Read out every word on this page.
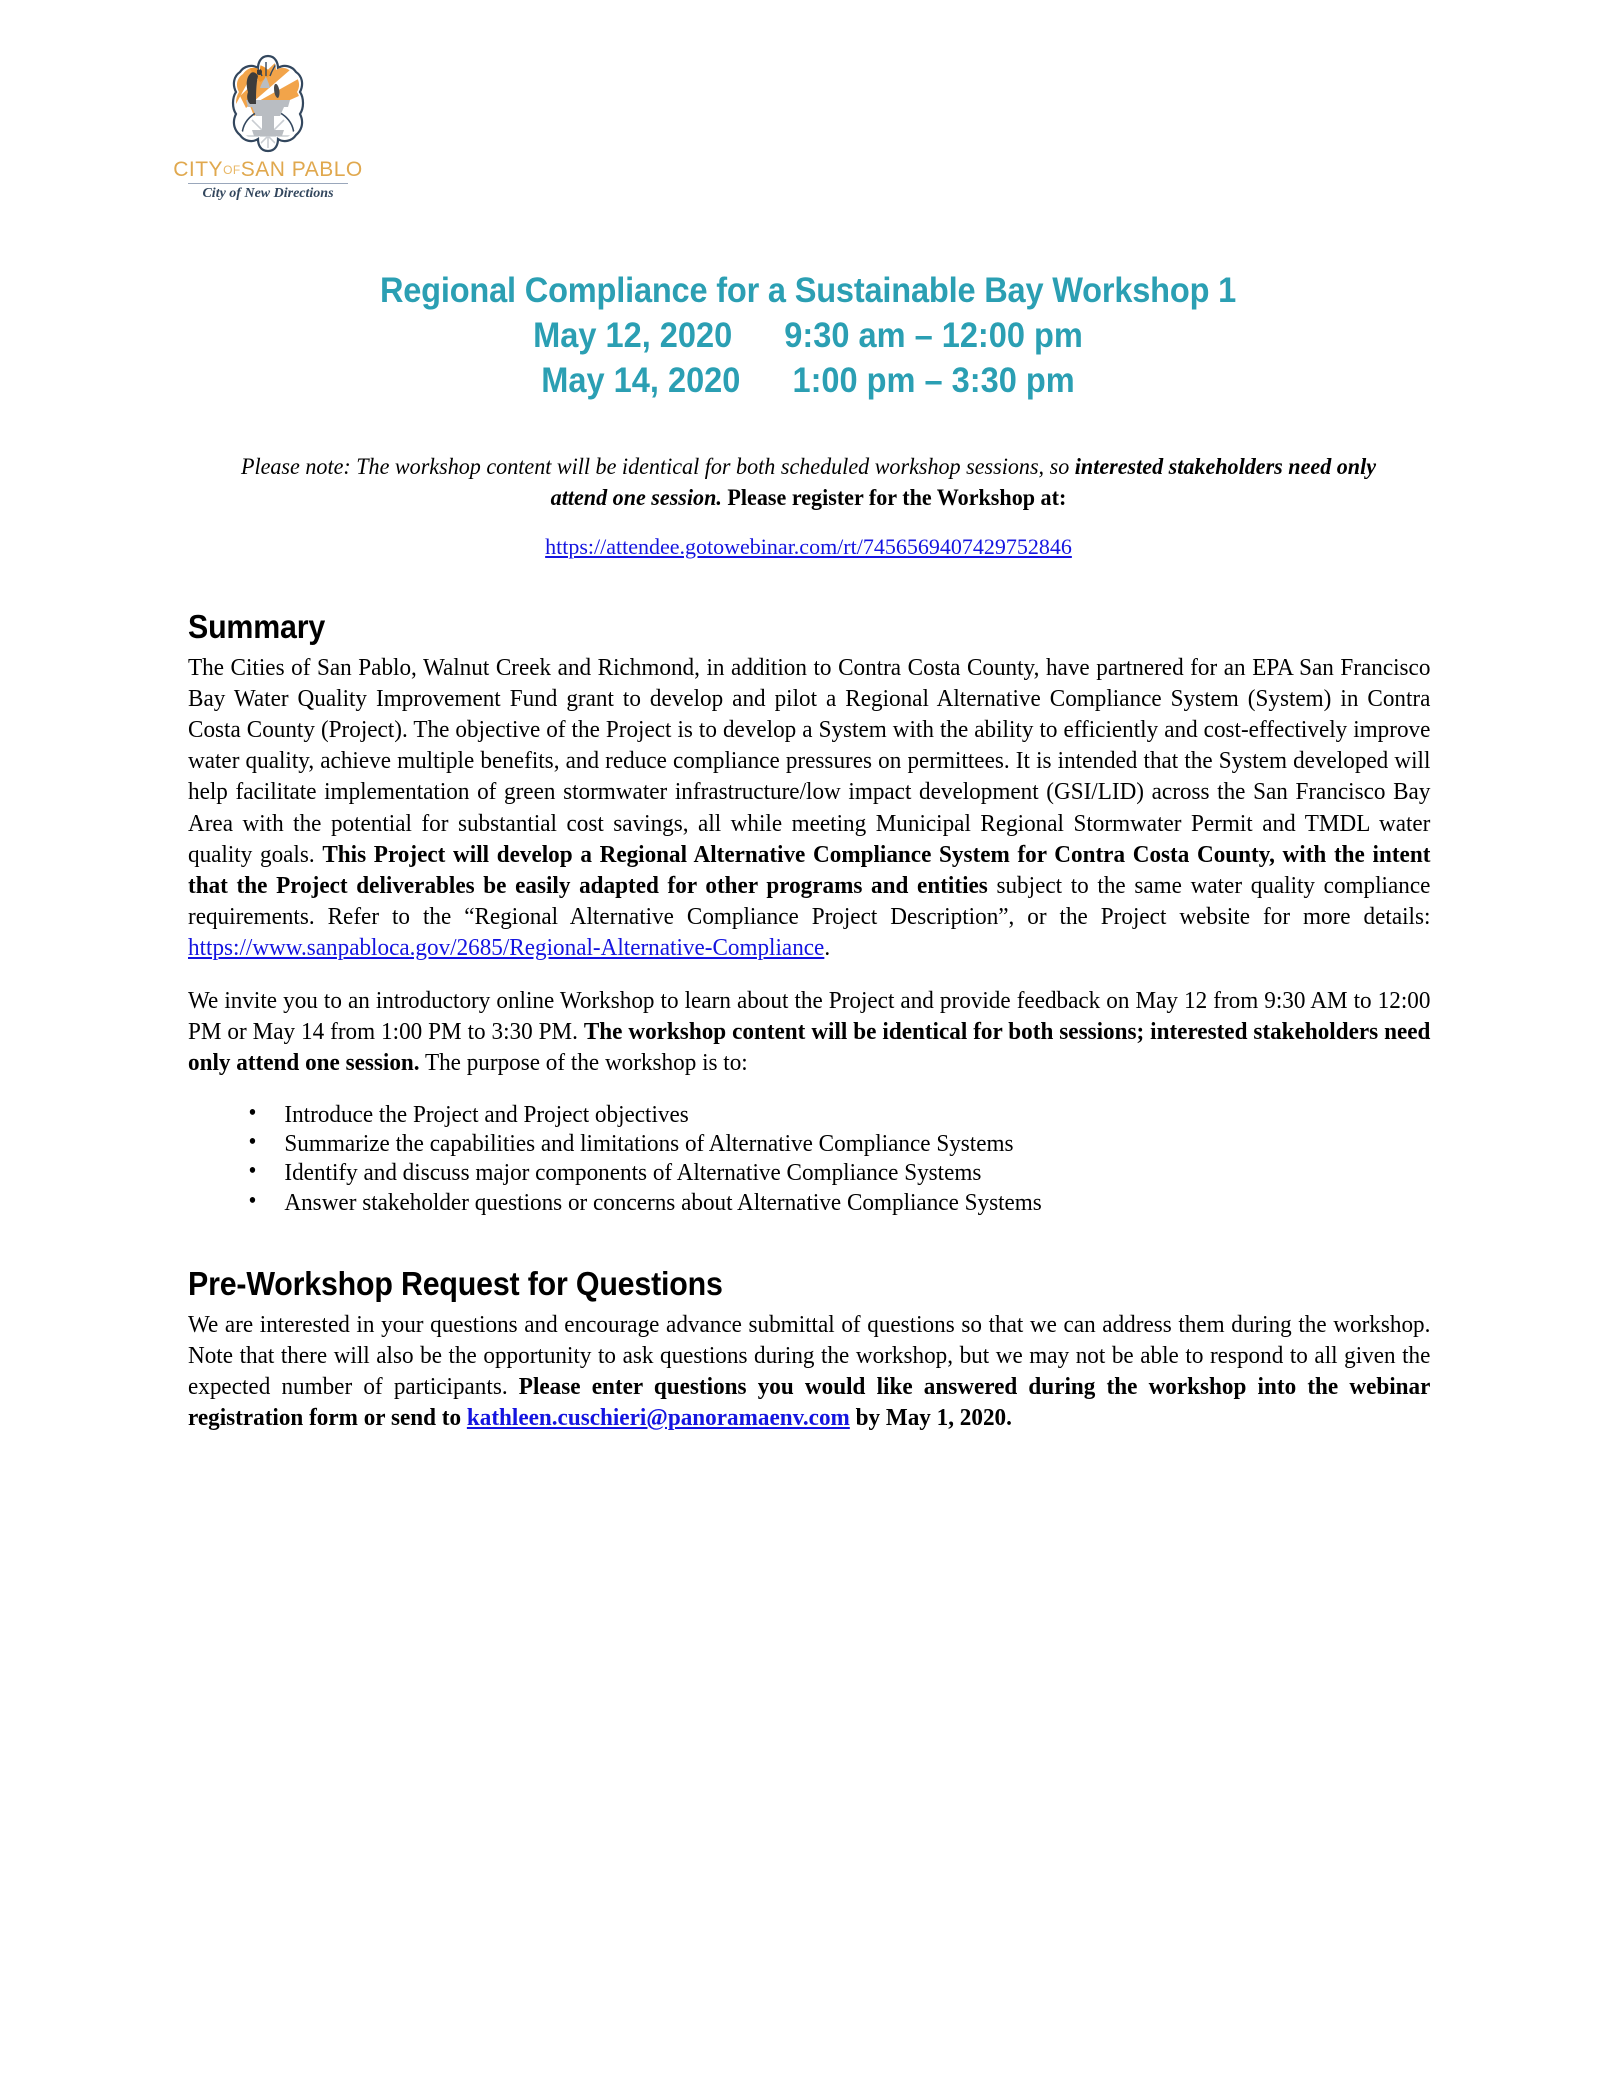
CITYOFSAN PABLO
City of New Directions
Regional Compliance for a Sustainable Bay Workshop 1
May 12, 2020 9:30 am – 12:00 pm
May 14, 2020 1:00 pm – 3:30 pm
Please note: The workshop content will be identical for both scheduled workshop sessions, so interested stakeholders need only attend one session. Please register for the Workshop at:
https://attendee.gotowebinar.com/rt/7456569407429752846
Summary

The Cities of San Pablo, Walnut Creek and Richmond, in addition to Contra Costa County, have partnered for an EPA San Francisco Bay Water Quality Improvement Fund grant to develop and pilot a Regional Alternative Compliance System (System) in Contra Costa County (Project). The objective of the Project is to develop a System with the ability to efficiently and cost-effectively improve water quality, achieve multiple benefits, and reduce compliance pressures on permittees. It is intended that the System developed will help facilitate implementation of green stormwater infrastructure/low impact development (GSI/LID) across the San Francisco Bay Area with the potential for substantial cost savings, all while meeting Municipal Regional Stormwater Permit and TMDL water quality goals. This Project will develop a Regional Alternative Compliance System for Contra Costa County, with the intent that the Project deliverables be easily adapted for other programs and entities subject to the same water quality compliance requirements. Refer to the “Regional Alternative Compliance Project Description”, or the Project website for more details: https://www.sanpabloca.gov/2685/Regional-Alternative-Compliance.

We invite you to an introductory online Workshop to learn about the Project and provide feedback on May 12 from 9:30 AM to 12:00 PM or May 14 from 1:00 PM to 3:30 PM. The workshop content will be identical for both sessions; interested stakeholders need only attend one session. The purpose of the workshop is to:

• Introduce the Project and Project objectives
• Summarize the capabilities and limitations of Alternative Compliance Systems
• Identify and discuss major components of Alternative Compliance Systems
• Answer stakeholder questions or concerns about Alternative Compliance Systems
Pre-Workshop Request for Questions

We are interested in your questions and encourage advance submittal of questions so that we can address them during the workshop. Note that there will also be the opportunity to ask questions during the workshop, but we may not be able to respond to all given the expected number of participants. Please enter questions you would like answered during the workshop into the webinar registration form or send to kathleen.cuschieri@panoramaenv.com by May 1, 2020.
